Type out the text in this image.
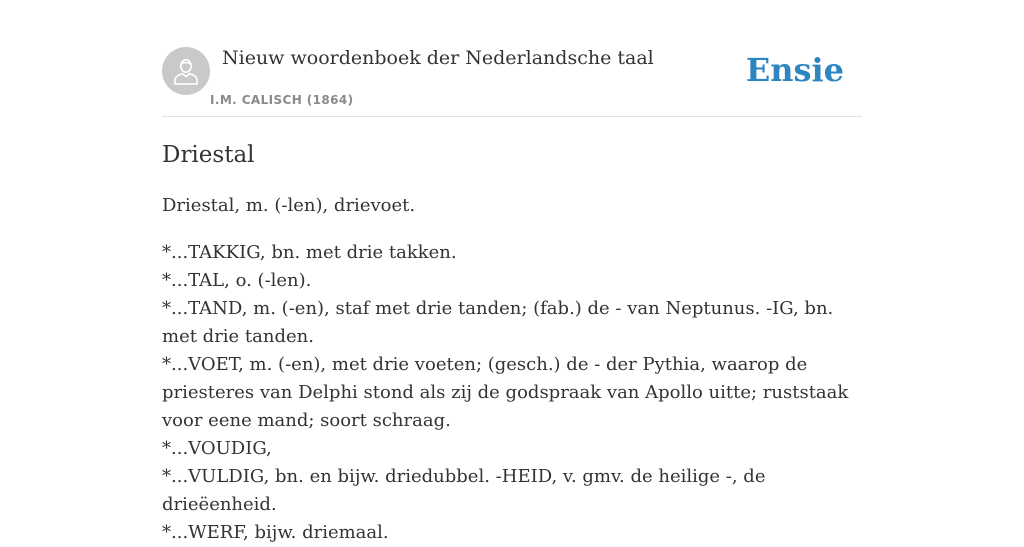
Nieuw woordenboek der Nederlandsche taal
I.M. CALISCH (1864)
Ensie
Driestal

Driestal, m. (-len), drievoet.

*...TAKKIG, bn. met drie takken.
*...TAL, o. (-len).
*...TAND, m. (-en), staf met drie tanden; (fab.) de - van Neptunus. -IG, bn. met drie tanden.
*...VOET, m. (-en), met drie voeten; (gesch.) de - der Pythia, waarop de priesteres van Delphi stond als zij de godspraak van Apollo uitte; ruststaak voor eene mand; soort schraag.
*...VOUDIG,
*...VULDIG, bn. en bijw. driedubbel. -HEID, v. gmv. de heilige -, de drieëenheid.
*...WERF, bijw. driemaal.
